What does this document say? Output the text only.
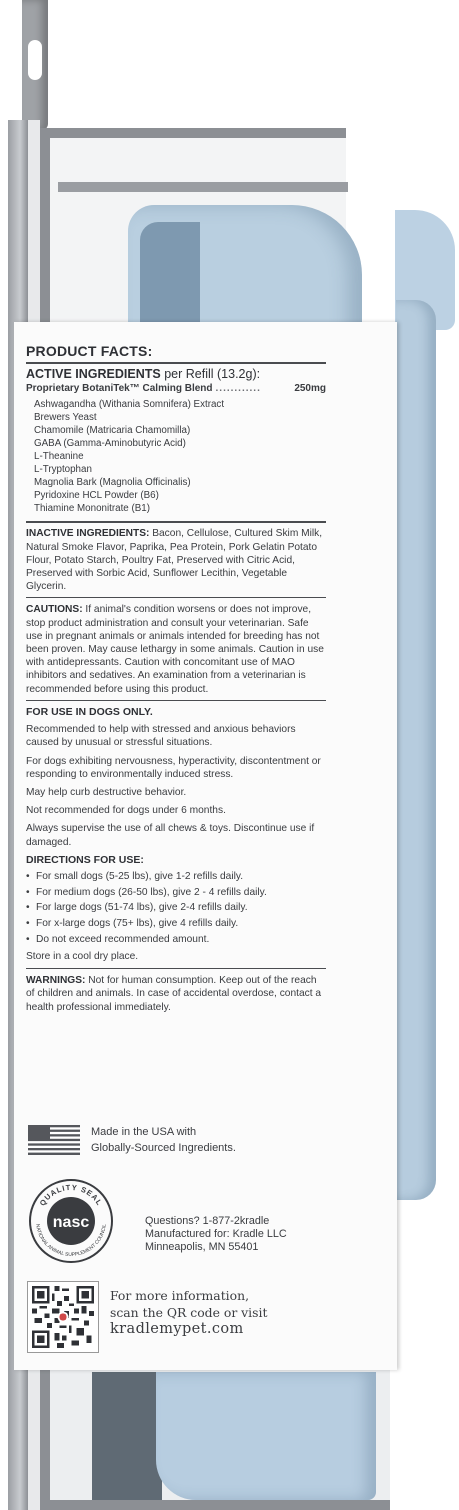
PRODUCT FACTS:
ACTIVE INGREDIENTS per Refill (13.2g):
Proprietary BotaniTek™ Calming Blend ............	250mg
Ashwagandha (Withania Somnifera) Extract
Brewers Yeast
Chamomile (Matricaria Chamomilla)
GABA (Gamma-Aminobutyric Acid)
L-Theanine
L-Tryptophan
Magnolia Bark (Magnolia Officinalis)
Pyridoxine HCL Powder (B6)
Thiamine Mononitrate (B1)
INACTIVE INGREDIENTS: Bacon, Cellulose, Cultured Skim Milk, Natural Smoke Flavor, Paprika, Pea Protein, Pork Gelatin Potato Flour, Potato Starch, Poultry Fat, Preserved with Citric Acid, Preserved with Sorbic Acid, Sunflower Lecithin, Vegetable Glycerin.
CAUTIONS: If animal's condition worsens or does not improve, stop product administration and consult your veterinarian. Safe use in pregnant animals or animals intended for breeding has not been proven. May cause lethargy in some animals. Caution in use with antidepressants. Caution with concomitant use of MAO inhibitors and sedatives. An examination from a veterinarian is recommended before using this product.
FOR USE IN DOGS ONLY.
Recommended to help with stressed and anxious behaviors caused by unusual or stressful situations.
For dogs exhibiting nervousness, hyperactivity, discontentment or responding to environmentally induced stress.
May help curb destructive behavior.
Not recommended for dogs under 6 months.
Always supervise the use of all chews & toys. Discontinue use if damaged.
DIRECTIONS FOR USE:
• For small dogs (5-25 lbs), give 1-2 refills daily.
• For medium dogs (26-50 lbs), give 2 - 4 refills daily.
• For large dogs (51-74 lbs), give 2-4 refills daily.
• For x-large dogs (75+ lbs), give 4 refills daily.
• Do not exceed recommended amount.
Store in a cool dry place.
WARNINGS: Not for human consumption. Keep out of the reach of children and animals. In case of accidental overdose, contact a health professional immediately.
Made in the USA with
Globally-Sourced Ingredients.
QUALITY SEAL
nasc
NATIONAL ANIMAL SUPPLEMENT COUNCIL	Questions? 1-877-2kradle
Manufactured for: Kradle LLC
Minneapolis, MN 55401
For more information,
scan the QR code or visit
kradlemypet.com
